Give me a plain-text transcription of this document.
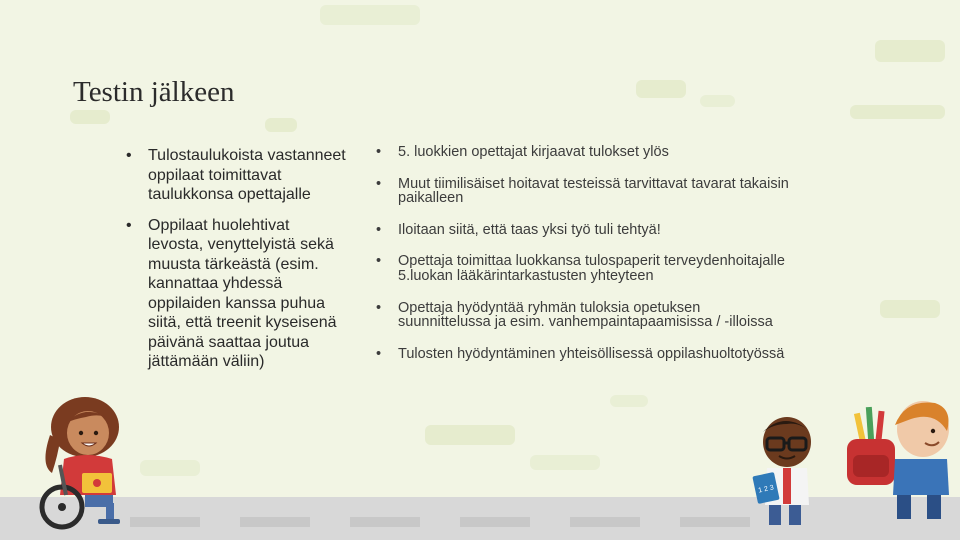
Testin jälkeen
• Tulostaulukoista vastanneet oppilaat toimittavat taulukkonsa opettajalle
• Oppilaat huolehtivat levosta, venyttelyistä sekä muusta tärkeästä (esim. kannattaa yhdessä oppilaiden kanssa puhua siitä, että treenit kyseisenä päivänä saattaa joutua jättämään väliin)
• 5. luokkien opettajat kirjaavat tulokset ylös
• Muut tiimilisäiset hoitavat testeissä tarvittavat tavarat takaisin paikalleen
• Iloitaan siitä, että taas yksi työ tuli tehtyä!
• Opettaja toimittaa luokkansa tulospaperit terveydenhoitajalle 5.luokan lääkärintarkastusten yhteyteen
• Opettaja hyödyntää ryhmän tuloksia opetuksen suunnittelussa ja esim. vanhempaintapaamisissa / -illoissa
• Tulosten hyödyntäminen yhteisöllisessä oppilashuoltotyössä
1 2 3
